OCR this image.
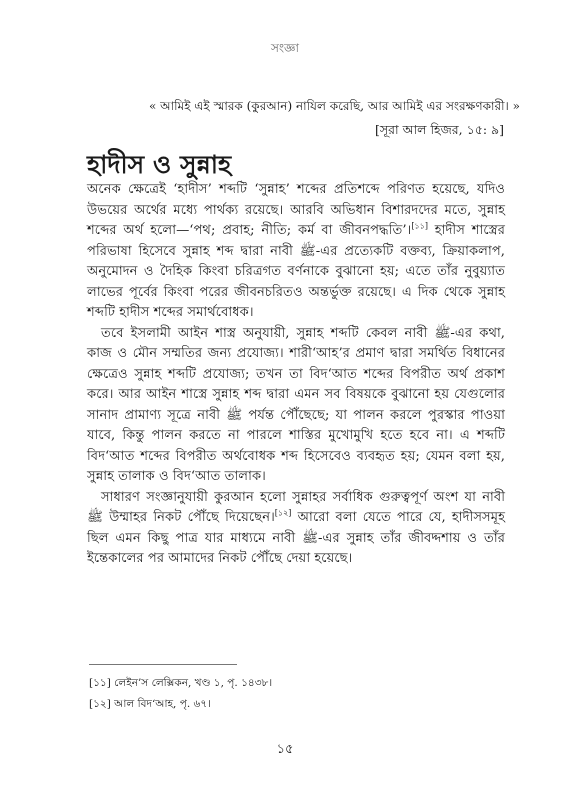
সংজ্ঞা
« আমিই এই স্মারক (কুরআন) নাযিল করেছি, আর আমিই এর সংরক্ষণকারী। »
[সূরা আল হিজর, ১৫: ৯]
হাদীস ও সুন্নাহ

অনেক ক্ষেত্রেই ‘হাদীস’ শব্দটি ‘সুন্নাহ’ শব্দের প্রতিশব্দে পরিণত হয়েছে, যদিও উভয়ের অর্থের মধ্যে পার্থক্য রয়েছে। আরবি অভিধান বিশারদদের মতে, সুন্নাহ শব্দের অর্থ হলো—‘পথ; প্রবাহ; নীতি; কর্ম বা জীবনপদ্ধতি’।[১১] হাদীস শাস্ত্রের পরিভাষা হিসেবে সুন্নাহ শব্দ দ্বারা নাবী ﷺ-এর প্রত্যেকটি বক্তব্য, ক্রিয়াকলাপ, অনুমোদন ও দৈহিক কিংবা চরিত্রগত বর্ণনাকে বুঝানো হয়; এতে তাঁর নুবুয়্যাত লাভের পূর্বের কিংবা পরের জীবনচরিতও অন্তর্ভুক্ত রয়েছে। এ দিক থেকে সুন্নাহ শব্দটি হাদীস শব্দের সমার্থবোধক।

তবে ইসলামী আইন শাস্ত্র অনুযায়ী, সুন্নাহ শব্দটি কেবল নাবী ﷺ-এর কথা, কাজ ও মৌন সম্মতির জন্য প্রযোজ্য। শারী‘আহ’র প্রমাণ দ্বারা সমর্থিত বিধানের ক্ষেত্রেও সুন্নাহ শব্দটি প্রযোজ্য; তখন তা বিদ‘আত শব্দের বিপরীত অর্থ প্রকাশ করে। আর আইন শাস্ত্রে সুন্নাহ শব্দ দ্বারা এমন সব বিষয়কে বুঝানো হয় যেগুলোর সানাদ প্রামাণ্য সূত্রে নাবী ﷺ পর্যন্ত পৌঁছেছে; যা পালন করলে পুরস্কার পাওয়া যাবে, কিন্তু পালন করতে না পারলে শাস্তির মুখোমুখি হতে হবে না। এ শব্দটি বিদ‘আত শব্দের বিপরীত অর্থবোধক শব্দ হিসেবেও ব্যবহৃত হয়; যেমন বলা হয়, সুন্নাহ তালাক ও বিদ‘আত তালাক।

সাধারণ সংজ্ঞানুযায়ী কুরআন হলো সুন্নাহর সর্বাধিক গুরুত্বপূর্ণ অংশ যা নাবী ﷺ উম্মাহর নিকট পৌঁছে দিয়েছেন।[১২] আরো বলা যেতে পারে যে, হাদীসসমূহ ছিল এমন কিছু পাত্র যার মাধ্যমে নাবী ﷺ-এর সুন্নাহ তাঁর জীবদ্দশায় ও তাঁর ইন্তেকালের পর আমাদের নিকট পৌঁছে দেয়া হয়েছে।

[১১] লেইন’স লেক্সিকন, খণ্ড ১, পৃ. ১৪৩৮।
[১২] আল বিদ‘আহ, পৃ. ৬৭।
১৫
